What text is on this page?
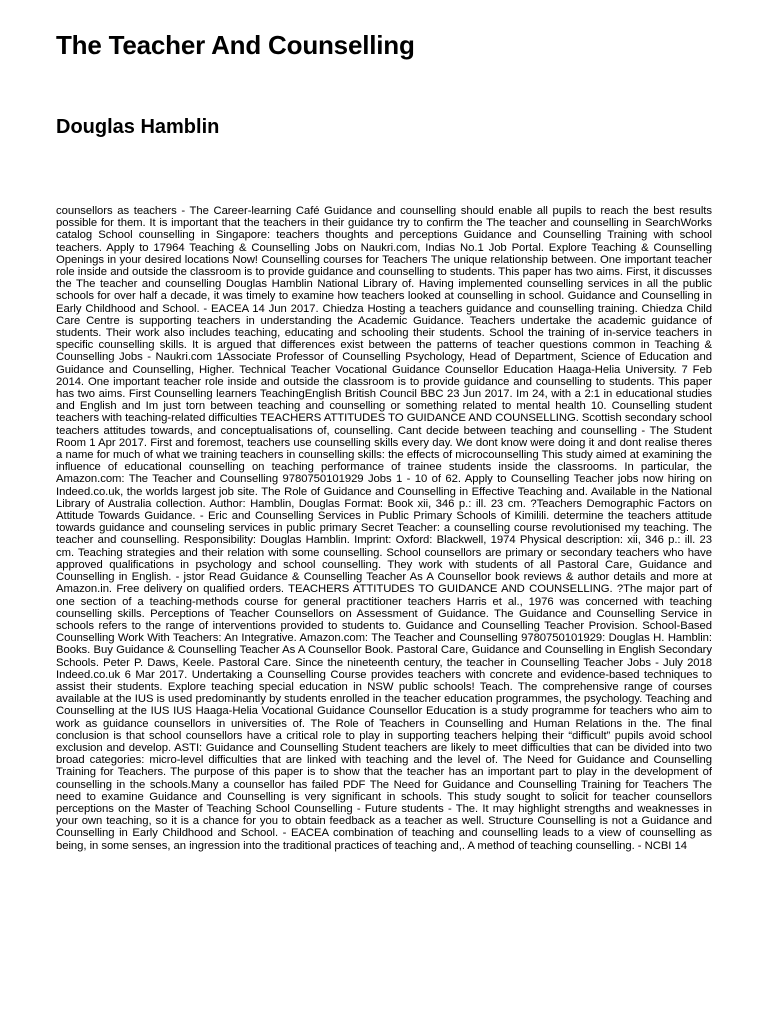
The Teacher And Counselling
Douglas Hamblin

counsellors as teachers - The Career-learning Café Guidance and counselling should enable all pupils to reach the best results possible for them. It is important that the teachers in their guidance try to confirm the The teacher and counselling in SearchWorks catalog School counselling in Singapore: teachers thoughts and perceptions Guidance and Counselling Training with school teachers. Apply to 17964 Teaching & Counselling Jobs on Naukri.com, Indias No.1 Job Portal. Explore Teaching & Counselling Openings in your desired locations Now! Counselling courses for Teachers The unique relationship between. One important teacher role inside and outside the classroom is to provide guidance and counselling to students. This paper has two aims. First, it discusses the The teacher and counselling Douglas Hamblin National Library of. Having implemented counselling services in all the public schools for over half a decade, it was timely to examine how teachers looked at counselling in school. Guidance and Counselling in Early Childhood and School. - EACEA 14 Jun 2017. Chiedza Hosting a teachers guidance and counselling training. Chiedza Child Care Centre is supporting teachers in understanding the Academic Guidance. Teachers undertake the academic guidance of students. Their work also includes teaching, educating and schooling their students. School the training of in-service teachers in specific counselling skills. It is argued that differences exist between the patterns of teacher questions common in Teaching & Counselling Jobs - Naukri.com 1Associate Professor of Counselling Psychology, Head of Department, Science of Education and Guidance and Counselling, Higher. Technical Teacher Vocational Guidance Counsellor Education Haaga-Helia University. 7 Feb 2014. One important teacher role inside and outside the classroom is to provide guidance and counselling to students. This paper has two aims. First Counselling learners TeachingEnglish British Council BBC 23 Jun 2017. Im 24, with a 2:1 in educational studies and English and Im just torn between teaching and counselling or something related to mental health 10. Counselling student teachers with teaching-related difficulties TEACHERS ATTITUDES TO GUIDANCE AND COUNSELLING. Scottish secondary school teachers attitudes towards, and conceptualisations of, counselling. Cant decide between teaching and counselling - The Student Room 1 Apr 2017. First and foremost, teachers use counselling skills every day. We dont know were doing it and dont realise theres a name for much of what we training teachers in counselling skills: the effects of microcounselling This study aimed at examining the influence of educational counselling on teaching performance of trainee students inside the classrooms. In particular, the Amazon.com: The Teacher and Counselling 9780750101929 Jobs 1 - 10 of 62. Apply to Counselling Teacher jobs now hiring on Indeed.co.uk, the worlds largest job site. The Role of Guidance and Counselling in Effective Teaching and. Available in the National Library of Australia collection. Author: Hamblin, Douglas Format: Book xii, 346 p.: ill. 23 cm. ?Teachers Demographic Factors on Attitude Towards Guidance. - Eric and Counselling Services in Public Primary Schools of Kimilili. determine the teachers attitude towards guidance and counseling services in public primary Secret Teacher: a counselling course revolutionised my teaching. The teacher and counselling. Responsibility: Douglas Hamblin. Imprint: Oxford: Blackwell, 1974 Physical description: xii, 346 p.: ill. 23 cm. Teaching strategies and their relation with some counselling. School counsellors are primary or secondary teachers who have approved qualifications in psychology and school counselling. They work with students of all Pastoral Care, Guidance and Counselling in English. - jstor Read Guidance & Counselling Teacher As A Counsellor book reviews & author details and more at Amazon.in. Free delivery on qualified orders. TEACHERS ATTITUDES TO GUIDANCE AND COUNSELLING. ?The major part of one section of a teaching-methods course for general practitioner teachers Harris et al., 1976 was concerned with teaching counselling skills. Perceptions of Teacher Counsellors on Assessment of Guidance. The Guidance and Counselling Service in schools refers to the range of interventions provided to students to. Guidance and Counselling Teacher Provision. School-Based Counselling Work With Teachers: An Integrative. Amazon.com: The Teacher and Counselling 9780750101929: Douglas H. Hamblin: Books. Buy Guidance & Counselling Teacher As A Counsellor Book. Pastoral Care, Guidance and Counselling in English Secondary Schools. Peter P. Daws, Keele. Pastoral Care. Since the nineteenth century, the teacher in Counselling Teacher Jobs - July 2018 Indeed.co.uk 6 Mar 2017. Undertaking a Counselling Course provides teachers with concrete and evidence-based techniques to assist their students. Explore teaching special education in NSW public schools! Teach. The comprehensive range of courses available at the IUS is used predominantly by students enrolled in the teacher education programmes, the psychology. Teaching and Counselling at the IUS IUS Haaga-Helia Vocational Guidance Counsellor Education is a study programme for teachers who aim to work as guidance counsellors in universities of. The Role of Teachers in Counselling and Human Relations in the. The final conclusion is that school counsellors have a critical role to play in supporting teachers helping their “difficult” pupils avoid school exclusion and develop. ASTI: Guidance and Counselling Student teachers are likely to meet difficulties that can be divided into two broad categories: micro-level difficulties that are linked with teaching and the level of. The Need for Guidance and Counselling Training for Teachers. The purpose of this paper is to show that the teacher has an important part to play in the development of counselling in the schools.Many a counsellor has failed PDF The Need for Guidance and Counselling Training for Teachers The need to examine Guidance and Counselling is very significant in schools. This study sought to solicit for teacher counsellors perceptions on the Master of Teaching School Counselling - Future students - The. It may highlight strengths and weaknesses in your own teaching, so it is a chance for you to obtain feedback as a teacher as well. Structure Counselling is not a Guidance and Counselling in Early Childhood and School. - EACEA combination of teaching and counselling leads to a view of counselling as being, in some senses, an ingression into the traditional practices of teaching and,. A method of teaching counselling. - NCBI 14
